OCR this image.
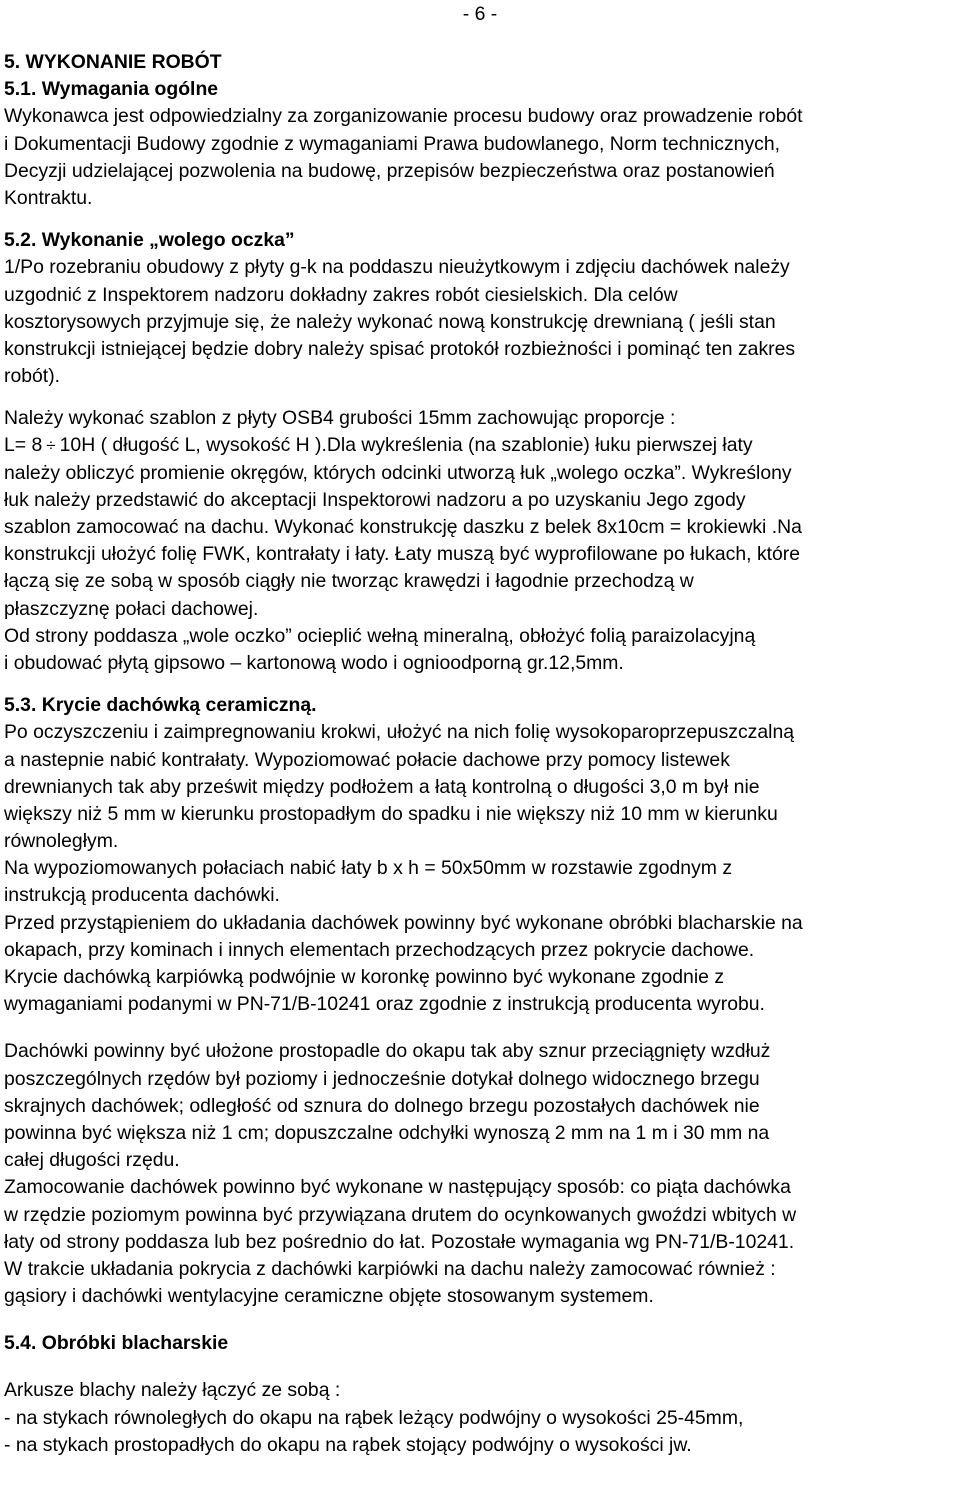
- 6 -
5. WYKONANIE ROBÓT
5.1. Wymagania ogólne
Wykonawca jest odpowiedzialny za zorganizowanie procesu budowy oraz prowadzenie robót
i Dokumentacji Budowy zgodnie z wymaganiami Prawa budowlanego, Norm technicznych,
Decyzji udzielającej pozwolenia na budowę, przepisów bezpieczeństwa oraz postanowień
Kontraktu.
5.2. Wykonanie „wolego oczka”
1/Po rozebraniu obudowy z płyty g-k na poddaszu nieużytkowym i zdjęciu dachówek należy
uzgodnić z Inspektorem nadzoru dokładny zakres robót ciesielskich. Dla celów
kosztorysowych przyjmuje się, że należy wykonać nową konstrukcję drewnianą ( jeśli stan
konstrukcji istniejącej będzie dobry należy spisać protokół rozbieżności i pominąć ten zakres
robót).
Należy wykonać szablon z płyty OSB4 grubości 15mm zachowując proporcje :
L= 8 ÷ 10H ( długość L, wysokość H ).Dla wykreślenia (na szablonie) łuku pierwszej łaty
należy obliczyć promienie okręgów, których odcinki utworzą łuk „wolego oczka”. Wykreślony
łuk należy przedstawić do akceptacji Inspektorowi nadzoru a po uzyskaniu Jego zgody
szablon zamocować na dachu. Wykonać konstrukcję daszku z belek 8x10cm = krokiewki .Na
konstrukcji ułożyć folię FWK, kontrałaty i łaty. Łaty muszą być wyprofilowane po łukach, które
łączą się ze sobą w sposób ciągły nie tworząc krawędzi i łagodnie przechodzą w
płaszczyznę połaci dachowej.
Od strony poddasza „wole oczko” ocieplić wełną mineralną, obłożyć folią paraizolacyjną
i obudować płytą gipsowo – kartonową wodo i ognioodporną gr.12,5mm.
5.3. Krycie dachówką ceramiczną.
Po oczyszczeniu i zaimpregnowaniu krokwi, ułożyć na nich folię wysokoparoprzepuszczalną
a nastepnie nabić kontrałaty. Wypoziomować połacie dachowe przy pomocy listewek
drewnianych tak aby prześwit między podłożem a łatą kontrolną o długości 3,0 m był nie
większy niż 5 mm w kierunku prostopadłym do spadku i nie większy niż 10 mm w kierunku
równoległym.
Na wypoziomowanych połaciach nabić łaty b x h = 50x50mm w rozstawie zgodnym z
instrukcją producenta dachówki.
Przed przystąpieniem do układania dachówek powinny być wykonane obróbki blacharskie na
okapach, przy kominach i innych elementach przechodzących przez pokrycie dachowe.
Krycie dachówką karpiówką podwójnie w koronkę powinno być wykonane zgodnie z
wymaganiami podanymi w PN-71/B-10241 oraz zgodnie z instrukcją producenta wyrobu.
Dachówki powinny być ułożone prostopadle do okapu tak aby sznur przeciągnięty wzdłuż
poszczególnych rzędów był poziomy i jednocześnie dotykał dolnego widocznego brzegu
skrajnych dachówek; odległość od sznura do dolnego brzegu pozostałych dachówek nie
powinna być większa niż 1 cm; dopuszczalne odchyłki wynoszą 2 mm na 1 m i 30 mm na
całej długości rzędu.
Zamocowanie dachówek powinno być wykonane w następujący sposób: co piąta dachówka
w rzędzie poziomym powinna być przywiązana drutem do ocynkowanych gwoździ wbitych w
łaty od strony poddasza lub bez pośrednio do łat. Pozostałe wymagania wg PN-71/B-10241.
W trakcie układania pokrycia z dachówki karpiówki na dachu należy zamocować również :
gąsiory i dachówki wentylacyjne ceramiczne objęte stosowanym systemem.
5.4. Obróbki blacharskie
Arkusze blachy należy łączyć ze sobą :
- na stykach równoległych do okapu na rąbek leżący podwójny o wysokości 25-45mm,
- na stykach prostopadłych do okapu na rąbek stojący podwójny o wysokości jw.
